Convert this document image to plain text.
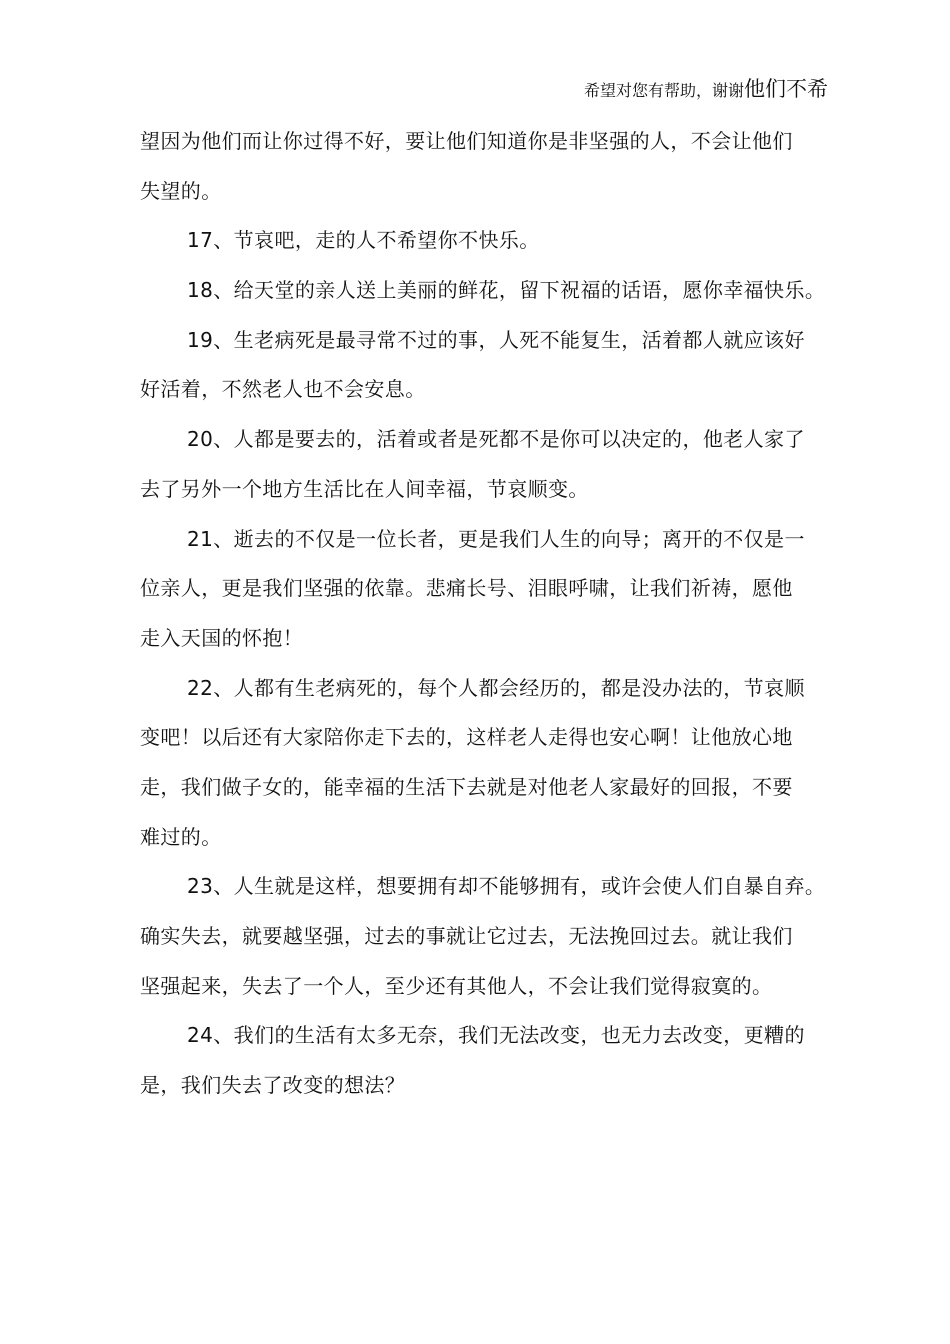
希望对您有帮助，谢谢他们不希
望因为他们而让你过得不好，要让他们知道你是非坚强的人，不会让他们
失望的。
17、节哀吧，走的人不希望你不快乐。
18、给天堂的亲人送上美丽的鲜花，留下祝福的话语，愿你幸福快乐。
19、生老病死是最寻常不过的事，人死不能复生，活着都人就应该好
好活着，不然老人也不会安息。
20、人都是要去的，活着或者是死都不是你可以决定的，他老人家了
去了另外一个地方生活比在人间幸福，节哀顺变。
21、逝去的不仅是一位长者，更是我们人生的向导；离开的不仅是一
位亲人，更是我们坚强的依靠。悲痛长号、泪眼呼啸，让我们祈祷，愿他
走入天国的怀抱！
22、人都有生老病死的，每个人都会经历的，都是没办法的，节哀顺
变吧！以后还有大家陪你走下去的，这样老人走得也安心啊！让他放心地
走，我们做子女的，能幸福的生活下去就是对他老人家最好的回报，不要
难过的。
23、人生就是这样，想要拥有却不能够拥有，或许会使人们自暴自弃。
确实失去，就要越坚强，过去的事就让它过去，无法挽回过去。就让我们
坚强起来，失去了一个人，至少还有其他人，不会让我们觉得寂寞的。
24、我们的生活有太多无奈，我们无法改变，也无力去改变，更糟的
是，我们失去了改变的想法？
